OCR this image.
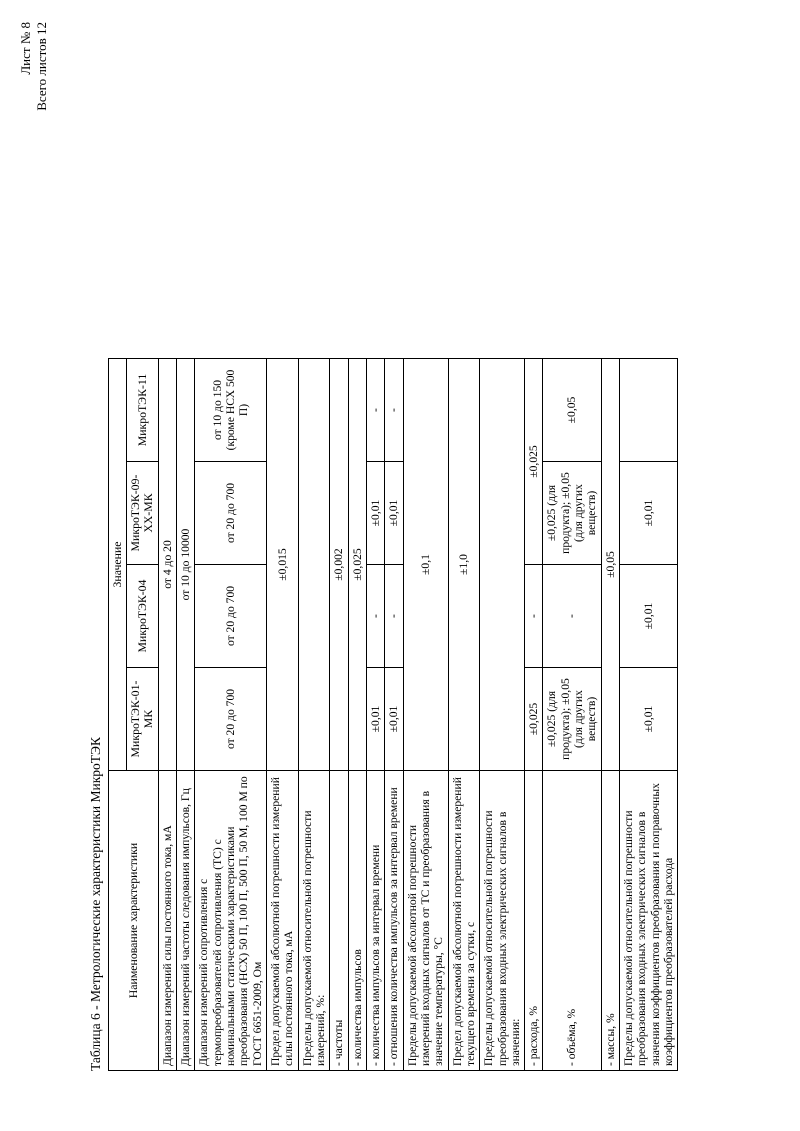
Лист № 8 Всего листов 12
Таблица 6 - Метрологические характеристики МикроТЭК Наименование характеристики	Значение			
	МикроТЭК-01-МК	МикроТЭК-04	МикроТЭК-09-ХХ-МК	МикроТЭК-11
Диапазон измерений силы постоянного тока, мА	от 4 до 20			
Диапазон измерений частоты следования импульсов, Гц	от 10 до 10000			
Диапазон измерений сопротивления с термопреобразователей сопротивления (ТС) с номинальными статическими характеристиками преобразования (НСХ) 50 П, 100 П, 500 П, 50 М, 100 М по ГОСТ 6651-2009, Ом	от 20 до 700	от 20 до 700	от 20 до 700	от 10 до 150 (кроме НСХ 500 П)
Предел допускаемой абсолютной погрешности измерений силы постоянного тока, мА	±0,015			
Пределы допускаемой относительной погрешности измерений, %:				
- частоты	±0,002			
- количества импульсов	±0,025			
- количества импульсов за интервал времени	±0,01	-	±0,01	-
- отношения количества импульсов за интервал времени	±0,01	-	±0,01	-
Пределы допускаемой абсолютной погрешности измерений входных сигналов от ТС и преобразования в значение температуры, °С	±0,1			
Предел допускаемой абсолютной погрешности измерений текущего времени за сутки, с	±1,0			
Пределы допускаемой относительной погрешности преобразования входных электрических сигналов в значения:				
- расхода, %	±0,025	-	±0,025	
- объёма, %	±0,025 (для продукта); ±0,05 (для других веществ)	-	±0,025 (для продукта); ±0,05 (для других веществ)	±0,05
- массы, %	±0,05			
Пределы допускаемой относительной погрешности преобразования входных электрических сигналов в значения коэффициентов преобразования и поправочных коэффициентов преобразователей расхода	±0,01	±0,01	±0,01	
